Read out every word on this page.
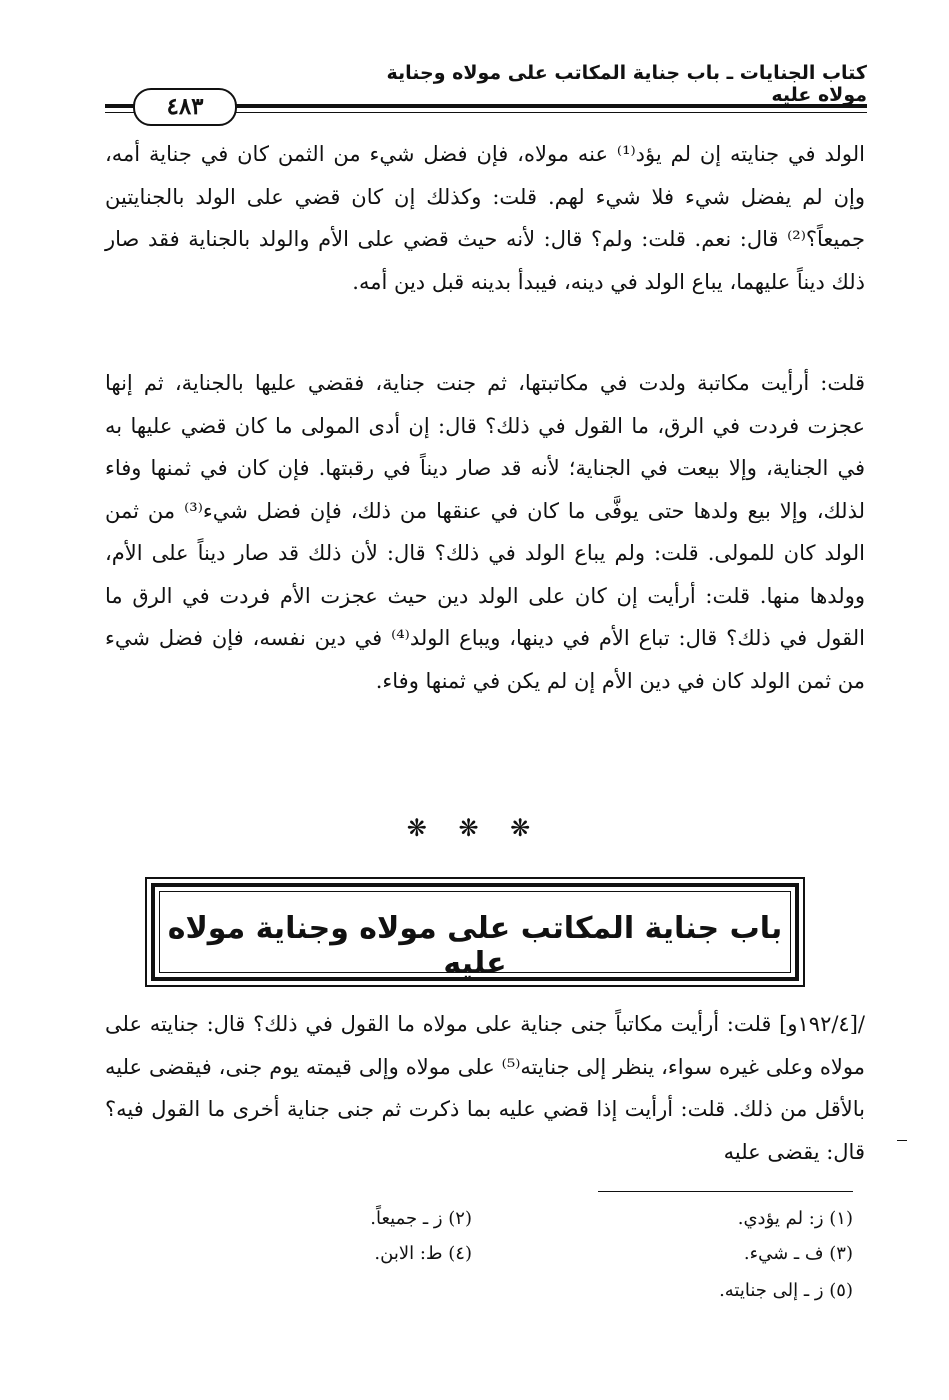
كتاب الجنايات ـ باب جناية المكاتب على مولاه وجناية مولاه عليه
٤٨٣

الولد في جنايته إن لم يؤد⁽¹⁾ عنه مولاه، فإن فضل شيء من الثمن كان في جناية أمه، وإن لم يفضل شيء فلا شيء لهم. قلت: وكذلك إن كان قضي على الولد بالجنايتين جميعاً؟⁽²⁾ قال: نعم. قلت: ولم؟ قال: لأنه حيث قضي على الأم والولد بالجناية فقد صار ذلك ديناً عليهما، يباع الولد في دينه، فيبدأ بدينه قبل دين أمه.

قلت: أرأيت مكاتبة ولدت في مكاتبتها، ثم جنت جناية، فقضي عليها بالجناية، ثم إنها عجزت فردت في الرق، ما القول في ذلك؟ قال: إن أدى المولى ما كان قضي عليها به في الجناية، وإلا بيعت في الجناية؛ لأنه قد صار ديناً في رقبتها. فإن كان في ثمنها وفاء لذلك، وإلا بيع ولدها حتى يوفَّى ما كان في عنقها من ذلك، فإن فضل شيء⁽³⁾ من ثمن الولد كان للمولى. قلت: ولم يباع الولد في ذلك؟ قال: لأن ذلك قد صار ديناً على الأم، وولدها منها. قلت: أرأيت إن كان على الولد دين حيث عجزت الأم فردت في الرق ما القول في ذلك؟ قال: تباع الأم في دينها، ويباع الولد⁽⁴⁾ في دين نفسه، فإن فضل شيء من ثمن الولد كان في دين الأم إن لم يكن في ثمنها وفاء.

❋ ❋ ❋
باب جناية المكاتب على مولاه وجناية مولاه عليه

/[١٩٢/٤و] قلت: أرأيت مكاتباً جنى جناية على مولاه ما القول في ذلك؟ قال: جنايته على مولاه وعلى غيره سواء، ينظر إلى جنايته⁽⁵⁾ على مولاه وإلى قيمته يوم جنى، فيقضى عليه بالأقل من ذلك. قلت: أرأيت إذا قضي عليه بما ذكرت ثم جنى جناية أخرى ما القول فيه؟ قال: يقضى عليه

(١) ز: لم يؤدي.
(٢) ز ـ جميعاً.
(٣) ف ـ شيء.
(٤) ط: الابن.
(٥) ز ـ إلى جنايته.
